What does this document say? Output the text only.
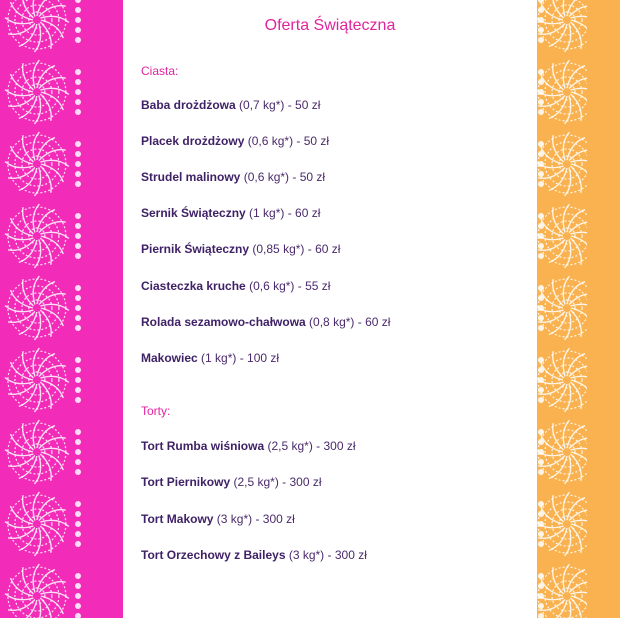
Oferta Świąteczna

Ciasta:

Baba drożdżowa (0,7 kg*) - 50 zł

Placek drożdżowy (0,6 kg*) - 50 zł

Strudel malinowy (0,6 kg*) - 50 zł

Sernik Świąteczny (1 kg*) - 60 zł

Piernik Świąteczny (0,85 kg*) - 60 zł

Ciasteczka kruche (0,6 kg*) - 55 zł

Rolada sezamowo-chałwowa (0,8 kg*) - 60 zł

Makowiec (1 kg*) - 100 zł

Torty:

Tort Rumba wiśniowa (2,5 kg*) - 300 zł

Tort Piernikowy (2,5 kg*) - 300 zł

Tort Makowy (3 kg*) - 300 zł

Tort Orzechowy z Baileys (3 kg*) - 300 zł
